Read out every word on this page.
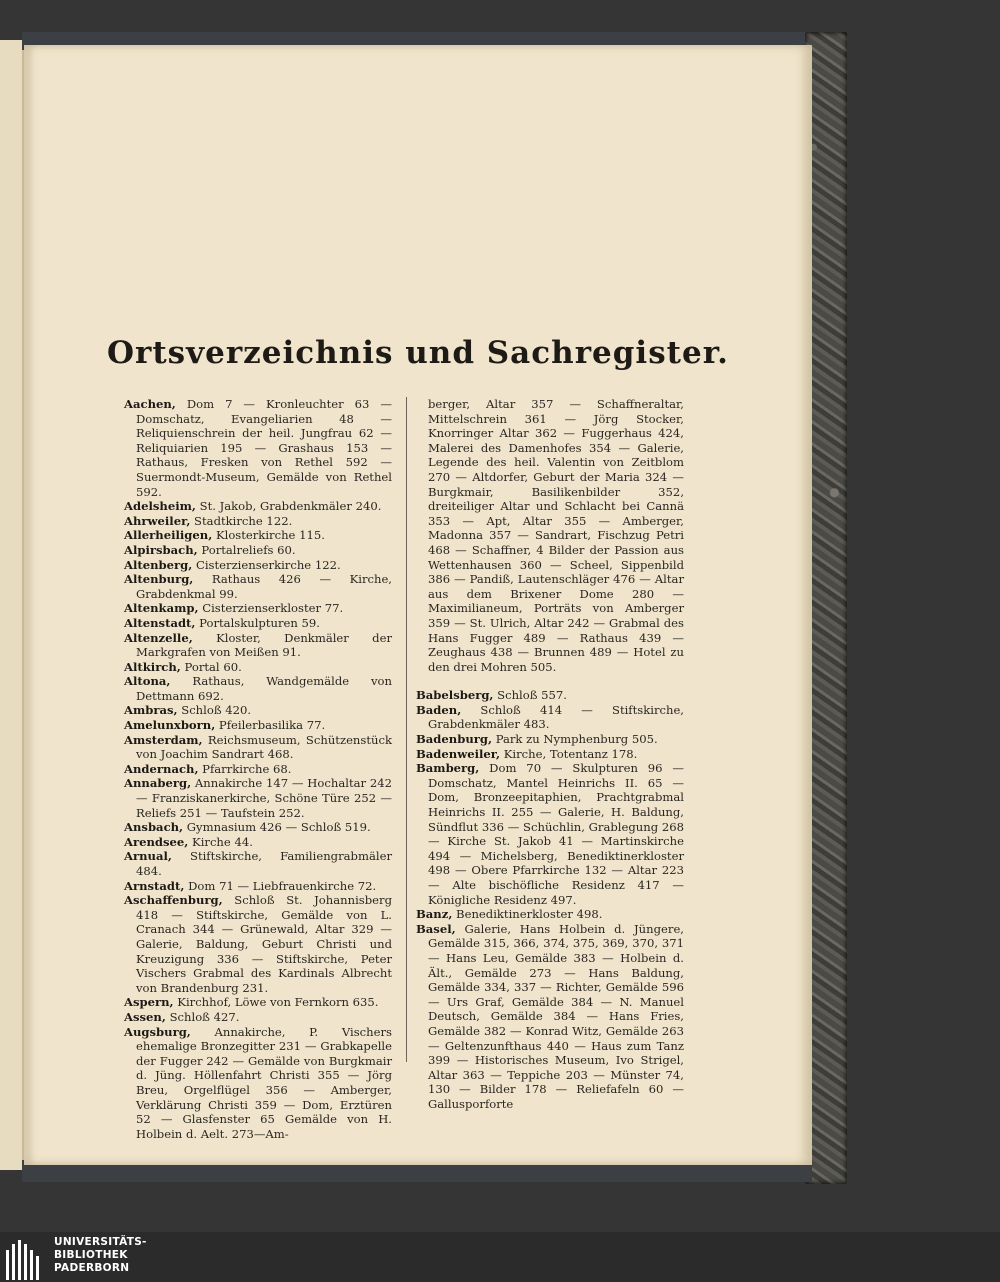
Ortsverzeichnis und Sachregister.
Aachen, Dom 7 — Kronleuchter 63 — Domschatz, Evangeliarien 48 — Reliquienschrein der heil. Jungfrau 62 — Reliquiarien 195 — Grashaus 153 — Rathaus, Fresken von Rethel 592 — Suermondt-Museum, Gemälde von Rethel 592.
Adelsheim, St. Jakob, Grabdenkmäler 240.
Ahrweiler, Stadtkirche 122.
Allerheiligen, Klosterkirche 115.
Alpirsbach, Portalreliefs 60.
Altenberg, Cisterzienserkirche 122.
Altenburg, Rathaus 426 — Kirche, Grabdenkmal 99.
Altenkamp, Cisterzienserkloster 77.
Altenstadt, Portalskulpturen 59.
Altenzelle, Kloster, Denkmäler der Markgrafen von Meißen 91.
Altkirch, Portal 60.
Altona, Rathaus, Wandgemälde von Dettmann 692.
Ambras, Schloß 420.
Amelunxborn, Pfeilerbasilika 77.
Amsterdam, Reichsmuseum, Schützenstück von Joachim Sandrart 468.
Andernach, Pfarrkirche 68.
Annaberg, Annakirche 147 — Hochaltar 242 — Franziskanerkirche, Schöne Türe 252 — Reliefs 251 — Taufstein 252.
Ansbach, Gymnasium 426 — Schloß 519.
Arendsee, Kirche 44.
Arnual, Stiftskirche, Familiengrabmäler 484.
Arnstadt, Dom 71 — Liebfrauenkirche 72.
Aschaffenburg, Schloß St. Johannisberg 418 — Stiftskirche, Gemälde von L. Cranach 344 — Grünewald, Altar 329 — Galerie, Baldung, Geburt Christi und Kreuzigung 336 — Stiftskirche, Peter Vischers Grabmal des Kardinals Albrecht von Brandenburg 231.
Aspern, Kirchhof, Löwe von Fernkorn 635.
Assen, Schloß 427.
Augsburg, Annakirche, P. Vischers ehemalige Bronzegitter 231 — Grabkapelle der Fugger 242 — Gemälde von Burgkmair d. Jüng. Höllenfahrt Christi 355 — Jörg Breu, Orgelflügel 356 — Amberger, Verklärung Christi 359 — Dom, Erztüren 52 — Glasfenster 65 Gemälde von H. Holbein d. Aelt. 273—Am-
berger, Altar 357 — Schaffneraltar, Mittelschrein 361 — Jörg Stocker, Knorringer Altar 362 — Fuggerhaus 424, Malerei des Damenhofes 354 — Galerie, Legende des heil. Valentin von Zeitblom 270 — Altdorfer, Geburt der Maria 324 — Burgkmair, Basilikenbilder 352, dreiteiliger Altar und Schlacht bei Cannä 353 — Apt, Altar 355 — Amberger, Madonna 357 — Sandrart, Fischzug Petri 468 — Schaffner, 4 Bilder der Passion aus Wettenhausen 360 — Scheel, Sippenbild 386 — Pandiß, Lautenschläger 476 — Altar aus dem Brixener Dome 280 — Maximilianeum, Porträts von Amberger 359 — St. Ulrich, Altar 242 — Grabmal des Hans Fugger 489 — Rathaus 439 — Zeughaus 438 — Brunnen 489 — Hotel zu den drei Mohren 505.
Babelsberg, Schloß 557.
Baden, Schloß 414 — Stiftskirche, Grabdenkmäler 483.
Badenburg, Park zu Nymphenburg 505.
Badenweiler, Kirche, Totentanz 178.
Bamberg, Dom 70 — Skulpturen 96 — Domschatz, Mantel Heinrichs II. 65 — Dom, Bronzeepitaphien, Prachtgrabmal Heinrichs II. 255 — Galerie, H. Baldung, Sündflut 336 — Schüchlin, Grablegung 268 — Kirche St. Jakob 41 — Martinskirche 494 — Michelsberg, Benediktinerkloster 498 — Obere Pfarrkirche 132 — Altar 223 — Alte bischöfliche Residenz 417 — Königliche Residenz 497.
Banz, Benediktinerkloster 498.
Basel, Galerie, Hans Holbein d. Jüngere, Gemälde 315, 366, 374, 375, 369, 370, 371 — Hans Leu, Gemälde 383 — Holbein d. Ält., Gemälde 273 — Hans Baldung, Gemälde 334, 337 — Richter, Gemälde 596 — Urs Graf, Gemälde 384 — N. Manuel Deutsch, Gemälde 384 — Hans Fries, Gemälde 382 — Konrad Witz, Gemälde 263 — Geltenzunfthaus 440 — Haus zum Tanz 399 — Historisches Museum, Ivo Strigel, Altar 363 — Teppiche 203 — Münster 74, 130 — Bilder 178 — Reliefafeln 60 — Gallusporforte
UNIVERSITÄTS-
BIBLIOTHEK
PADERBORN
